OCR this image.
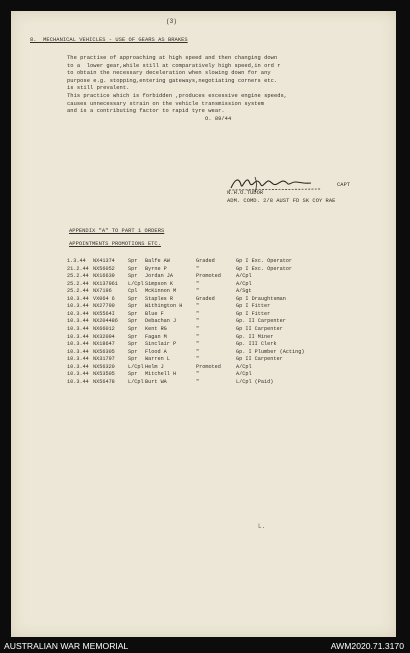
(3)
8.  MECHANICAL VEHICLES - USE OF GEARS AS BRAKES
The practise of approaching at high speed and then changing down
to a  lower gear,while still at comparatively high speed,in ord r
to obtain the necessary deceleration when slowing down for any
purpose e.g. stopping,entering gateways,negotiating corners etc.
is still prevalent.
This practice which is forbidden ,produces excessive engine speeds,
causes unnecessary strain on the vehicle transmission system
and is a contributing factor to rapid tyre wear.
O. 89/44
CAPT
N.H.O.TUDOR
ADM. COMD. 2/8 AUST FD SK COY RAE
APPENDIX "A" TO PART 1 ORDERS
APPOINTMENTS PROMOTIONS ETC.
1.3.44 NX41374	Spr Balfe AW	Graded	Gp I Exc. Operator
21.2.44 NX56052	Spr Byrne P	"	Gp I Exc. Operator
25.2.44 NX16639	Spr Jordan JA	Promoted	A/Cpl
25.2.44 NX137961 L/Cpl Simpson K	"	A/Cpl
25.2.44 NX7196	Cpl McKinnon M	"	A/Sgt
10.3.44 VX064 6	Spr Staples R	Graded	Gp I Draughtsman
10.3.44 NX27790	Spr Withington H	"	Gp I Fitter
10.3.44 NX5564I	Spr Blue F	"	Gp I Fitter
10.3.44 NX204486 Spr Debachan J	"	Gp. II Carpenter
10.3.44 NX66012	Spr Kent RG	"	Gp II Carpenter
10.3.44 NX32094	Spr Fagan M	"	Gp. II Miner
10.3.44 NX18647	Spr Sinclair P	"	Gp. III Clerk
10.3.44 NX56305	Spr Flood A	"	Gp. I Plumber (Acting)
10.3.44 NX31797	Spr Warren L	"	Gp II Carpenter
10.3.44 NX56320	L/Cpl Helm J	Promoted	A/Cpl
10.3.44 NX53505	Spr Mitchell H	"	A/Cpl
10.3.44 NX56478	L/Cpl Burt WA	"	L/Cpl (Paid)
L.
AUSTRALIAN WAR MEMORIAL	AWM2020.71.3170
